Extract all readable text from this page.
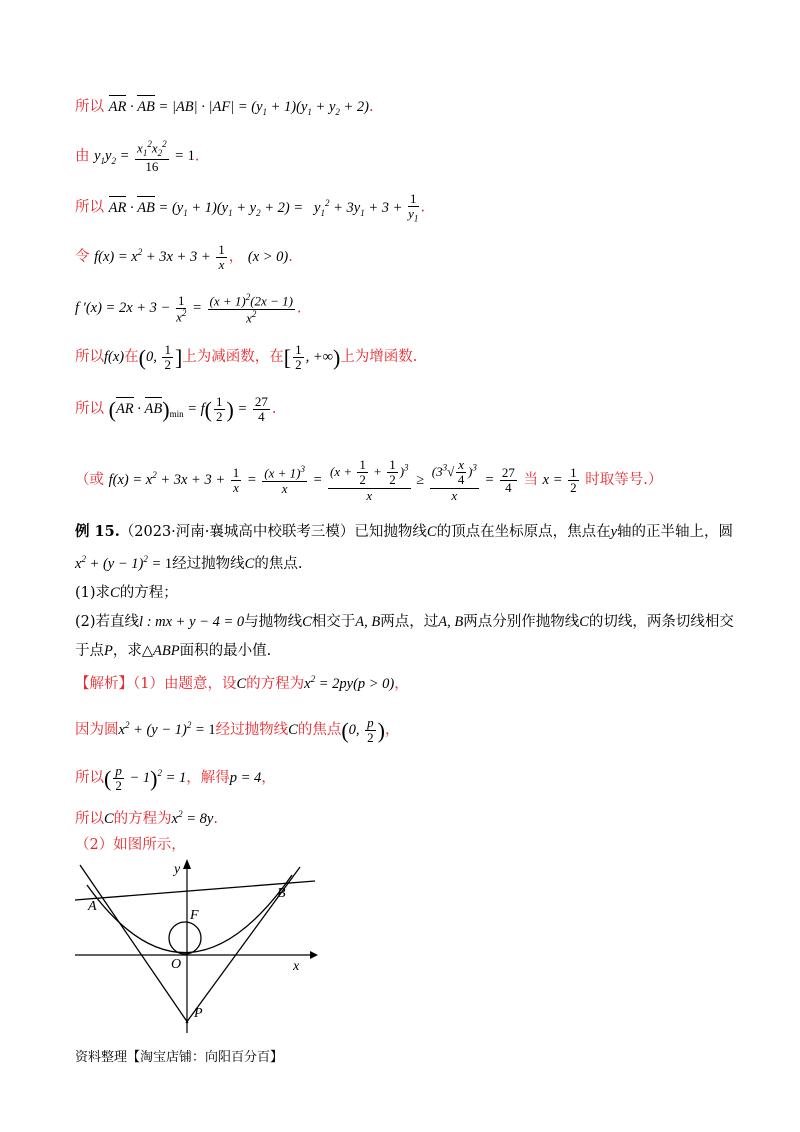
所以 AR · AB = $|AB| \cdot |AF| = (y_1 + 1)(y_1 + y_2 + 2)$.
由 $y_1y_2 = \frac{x_1^2x_2^2}{16} = 1$.
所以 AR · AB = $(y_1 + 1)(y_1 + y_2 + 2) = y_1^2 + 3y_1 + 3 + \frac{1}{y_1}$ .
令 $f(x) = x^2 + 3x + 3 + \frac{1}{x}$ ， (x > 0).
f $'(x) = 2x + 3 - \frac{1}{x^2} = \frac{(x + 1)^2(2x - 1)}{x^2}$ .
所以f(x)在(0, $\frac{1}{2}$ ]上为减函数，在[ $\frac{1}{2}$ , +∞)上为增函数.
所以 $(AR \cdot AB)_{min} = f( \frac{1}{2}$ ) = $\frac{27}{4}$ .
（或 $f(x) = x^2 + 3x + 3 + \frac{1}{x} = \frac{(x + 1)^3}{x} = \frac{(x + \frac{1}{2} + \frac{1}{2} )^3}{x} \ge \frac{(3^3√ \frac{x}{4} )^3}{x} = \frac{27}{4}$ 当 $x = \frac{1}{2}$ 时取等号.）
例 15.（2023·河南·襄城高中校联考三模）已知抛物线C的顶点在坐标原点，焦点在y轴的正半轴上，圆
$x^2 + (y - 1)^2 = 1$经过抛物线C的焦点.
(1)求C的方程；
(2)若直线l : mx + y − 4 = 0与抛物线C相交于A, B两点，过A, B两点分别作抛物线C的切线，两条切线相交
于点P，求△ABP面积的最小值.
【解析】（1）由题意，设C的方程为$x^2 = 2py(p > 0)$，
因为圆$x^2 + (y - 1)^2 = 1$经过抛物线C的焦点(0, $\frac{p}{2}$ )，
所以( $\frac{p}{2} - 1)^2 = 1$，解得p = 4，
所以C的方程为$x^2 = 8y$.
（2）如图所示，
y
x
O
A
B
F
P
资料整理【淘宝店铺：向阳百分百】
